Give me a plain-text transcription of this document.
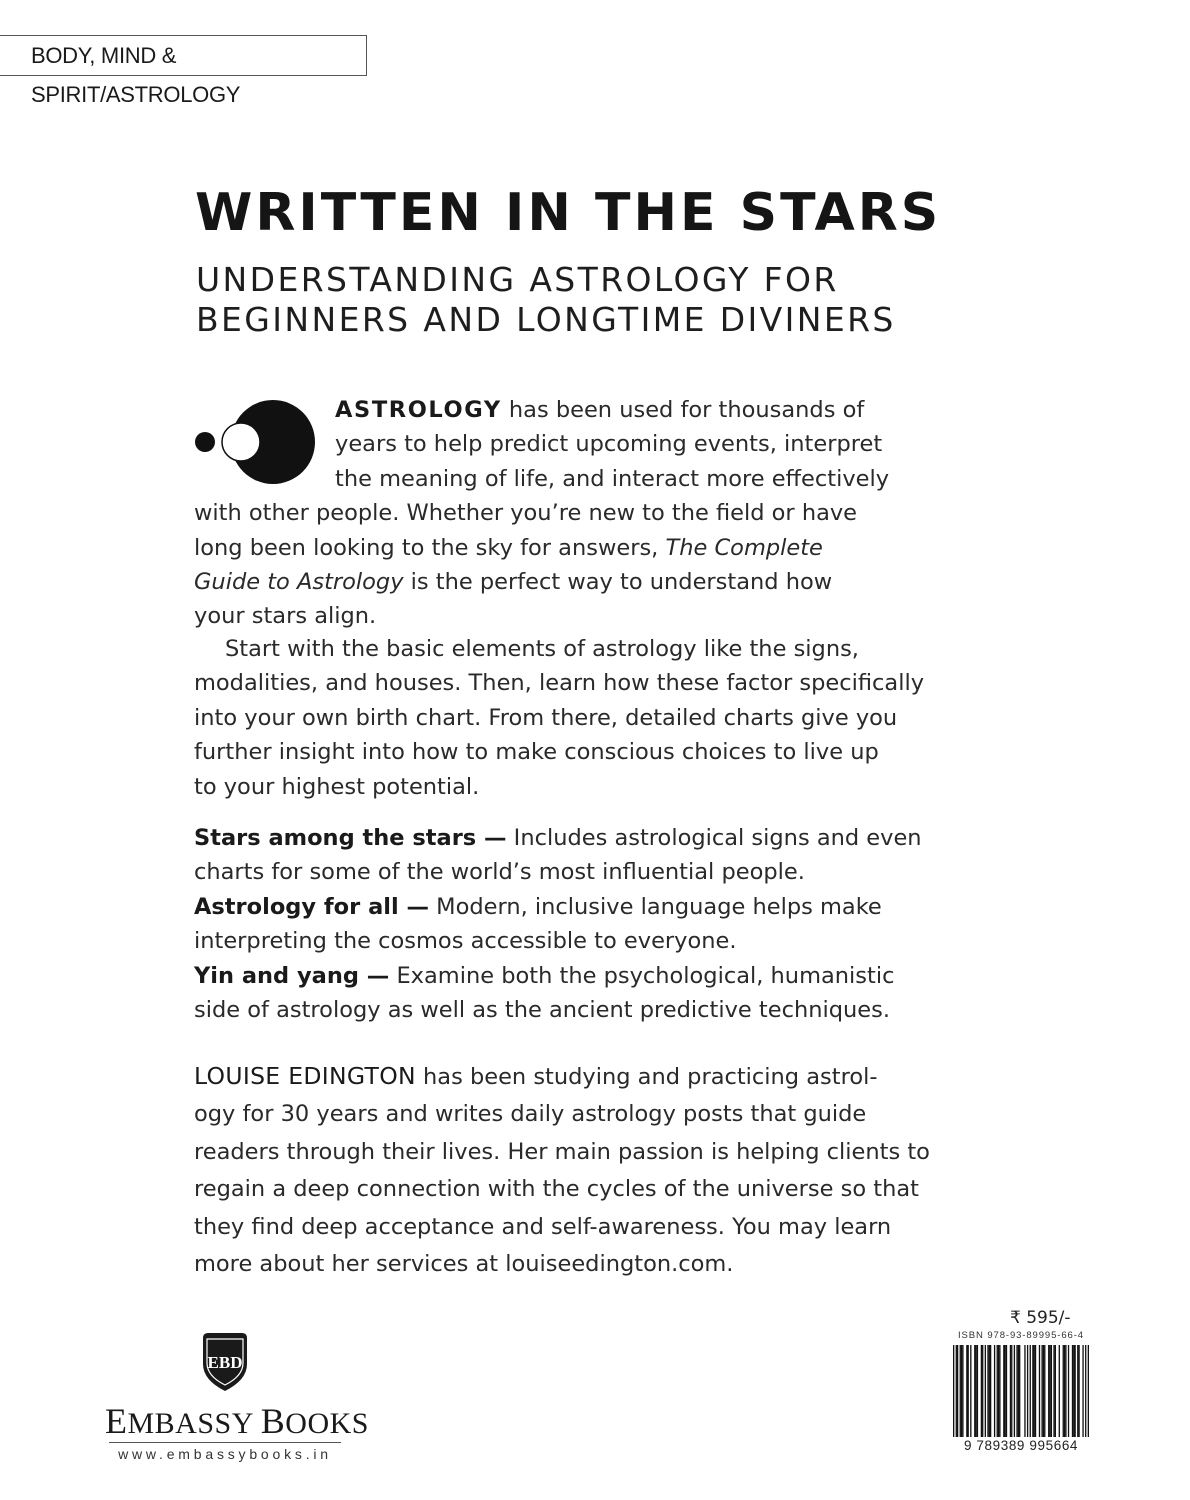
BODY, MIND & SPIRIT/ASTROLOGY
WRITTEN IN THE STARS
UNDERSTANDING ASTROLOGY FOR
BEGINNERS AND LONGTIME DIVINERS
ASTROLOGY has been used for thousands of
years to help predict upcoming events, interpret
the meaning of life, and interact more effectively
with other people. Whether you’re new to the field or have
long been looking to the sky for answers, The Complete
Guide to Astrology is the perfect way to understand how
your stars align.
Start with the basic elements of astrology like the signs,
modalities, and houses. Then, learn how these factor specifically
into your own birth chart. From there, detailed charts give you
further insight into how to make conscious choices to live up
to your highest potential.
Stars among the stars — Includes astrological signs and even
charts for some of the world’s most influential people.
Astrology for all — Modern, inclusive language helps make
interpreting the cosmos accessible to everyone.
Yin and yang — Examine both the psychological, humanistic
side of astrology as well as the ancient predictive techniques.
LOUISE EDINGTON has been studying and practicing astrol-
ogy for 30 years and writes daily astrology posts that guide
readers through their lives. Her main passion is helping clients to
regain a deep connection with the cycles of the universe so that
they find deep acceptance and self-awareness. You may learn
more about her services at louiseedington.com.
EBD
EMBASSY BOOKS
www.embassybooks.in
₹ 595/-
ISBN 978-93-89995-66-4
9 789389 995664
